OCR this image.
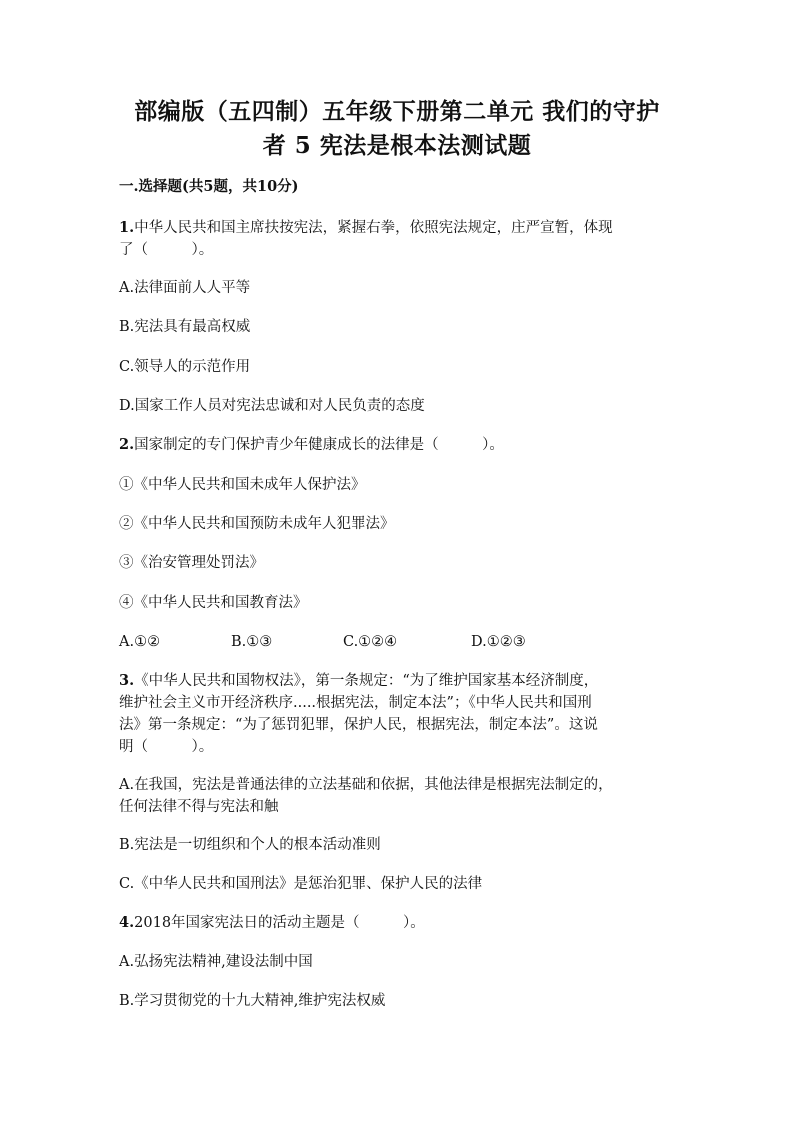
部编版（五四制）五年级下册第二单元 我们的守护
者 5 宪法是根本法测试题
一.选择题(共5题，共10分)
1.中华人民共和国主席扶按宪法，紧握右拳，依照宪法规定，庄严宣暂，体现
了（　　　）。
A.法律面前人人平等
B.宪法具有最高权威
C.领导人的示范作用
D.国家工作人员对宪法忠诚和对人民负责的态度
2.国家制定的专门保护青少年健康成长的法律是（　　　）。
①《中华人民共和国未成年人保护法》
②《中华人民共和国预防未成年人犯罪法》
③《治安管理处罚法》
④《中华人民共和国教育法》
A.①②	B.①③	C.①②④	D.①②③
3.《中华人民共和国物权法》，第一条规定：“为了维护国家基本经济制度，
维护社会主义市开经济秩序.....根据宪法，制定本法”；《中华人民共和国刑
法》第一条规定：“为了惩罚犯罪，保护人民，根据宪法，制定本法”。这说
明（　　　）。
A.在我国，宪法是普通法律的立法基础和依据，其他法律是根据宪法制定的，
任何法律不得与宪法和触
B.宪法是一切组织和个人的根本活动准则
C.《中华人民共和国刑法》是惩治犯罪、保护人民的法律
4.2018年国家宪法日的活动主题是（　　　）。
A.弘扬宪法精神,建设法制中国
B.学习贯彻党的十九大精神,维护宪法权威
